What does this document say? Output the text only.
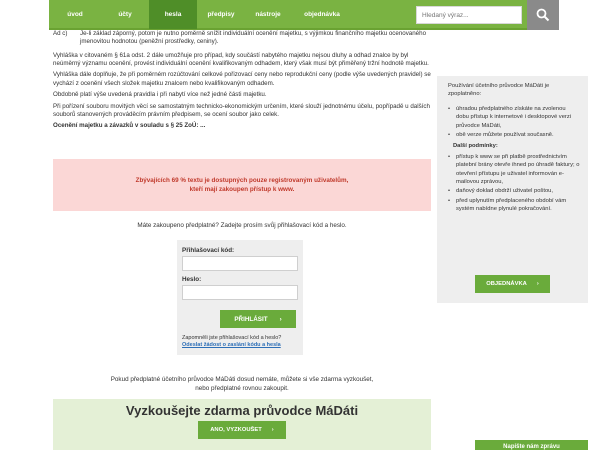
úvod	účty	hesla	předpisy	nástroje	objednávka
Hledaný výraz...
Ad c)	Je-li základ záporný, potom je nutno poměrně snížit individuální ocenění majetku, s výjimkou finančního majetku ocenovaného jmenovitou hodnotou (peněžní prostředky, ceniny).

Vyhláška v citovaném § 61a odst. 2 dále umožňuje pro případ, kdy součástí nabytého majetku nejsou dluhy a odhad znalce by byl neúměrný významu ocenění, provést individuální ocenění kvalifikovaným odhadem, který však musí být přiměřený tržní hodnotě majetku.

Vyhláška dále doplňuje, že při poměrném rozúčtování celkové pořizovací ceny nebo reprodukční ceny (podle výše uvedených pravidel) se vychází z ocenění všech složek majetku znalcem nebo kvalifikovaným odhadem.

Obdobně platí výše uvedená pravidla i při nabytí více než jedné části majetku.

Při pořízení souboru movitých věcí se samostatným technicko-ekonomickým určením, které slouží jednotnému účelu, popřípadě u dalších souborů stanovených prováděcím právním předpisem, se ocení soubor jako celek.

Ocenění majetku a závazků v souladu s § 25 ZoÚ: ...

Zbývajících 69 % textu je dostupných pouze registrovaným uživatelům,
kteří mají zakoupen přístup k www.
Máte zakoupeno předplatné? Zadejte prosím svůj přihlašovací kód a heslo.
Přihlašovací kód:
Heslo:
PŘIHLÁSIT ›
Zapomněli jste přihlašovací kód a heslo?
Odeslat žádost o zaslání kódu a hesla
Pokud předplatné účetního průvodce MáDáti dosud nemáte, můžete si vše zdarma vyzkoušet,
nebo předplatné rovnou zakoupit.
Vyzkoušejte zdarma průvodce MáDáti
ANO, VYZKOUŠET ›
Používání účetního průvodce MáDáti je zpoplatněno:
• úhradou předplatného získáte na zvolenou dobu přístup k internetové i desktopové verzi průvodce MáDáti,
• obě verze můžete používat současně.
Další podmínky:
• přístup k www se při platbě prostřednictvím platební brány otevře ihned po úhradě faktury; o otevření přístupu je uživatel informován e-mailovou zprávou,
• daňový doklad obdrží uživatel poštou,
• před uplynutím předplaceného období vám systém nabídne plynulé pokračování.
OBJEDNÁVKA ›
Napište nám zprávu
